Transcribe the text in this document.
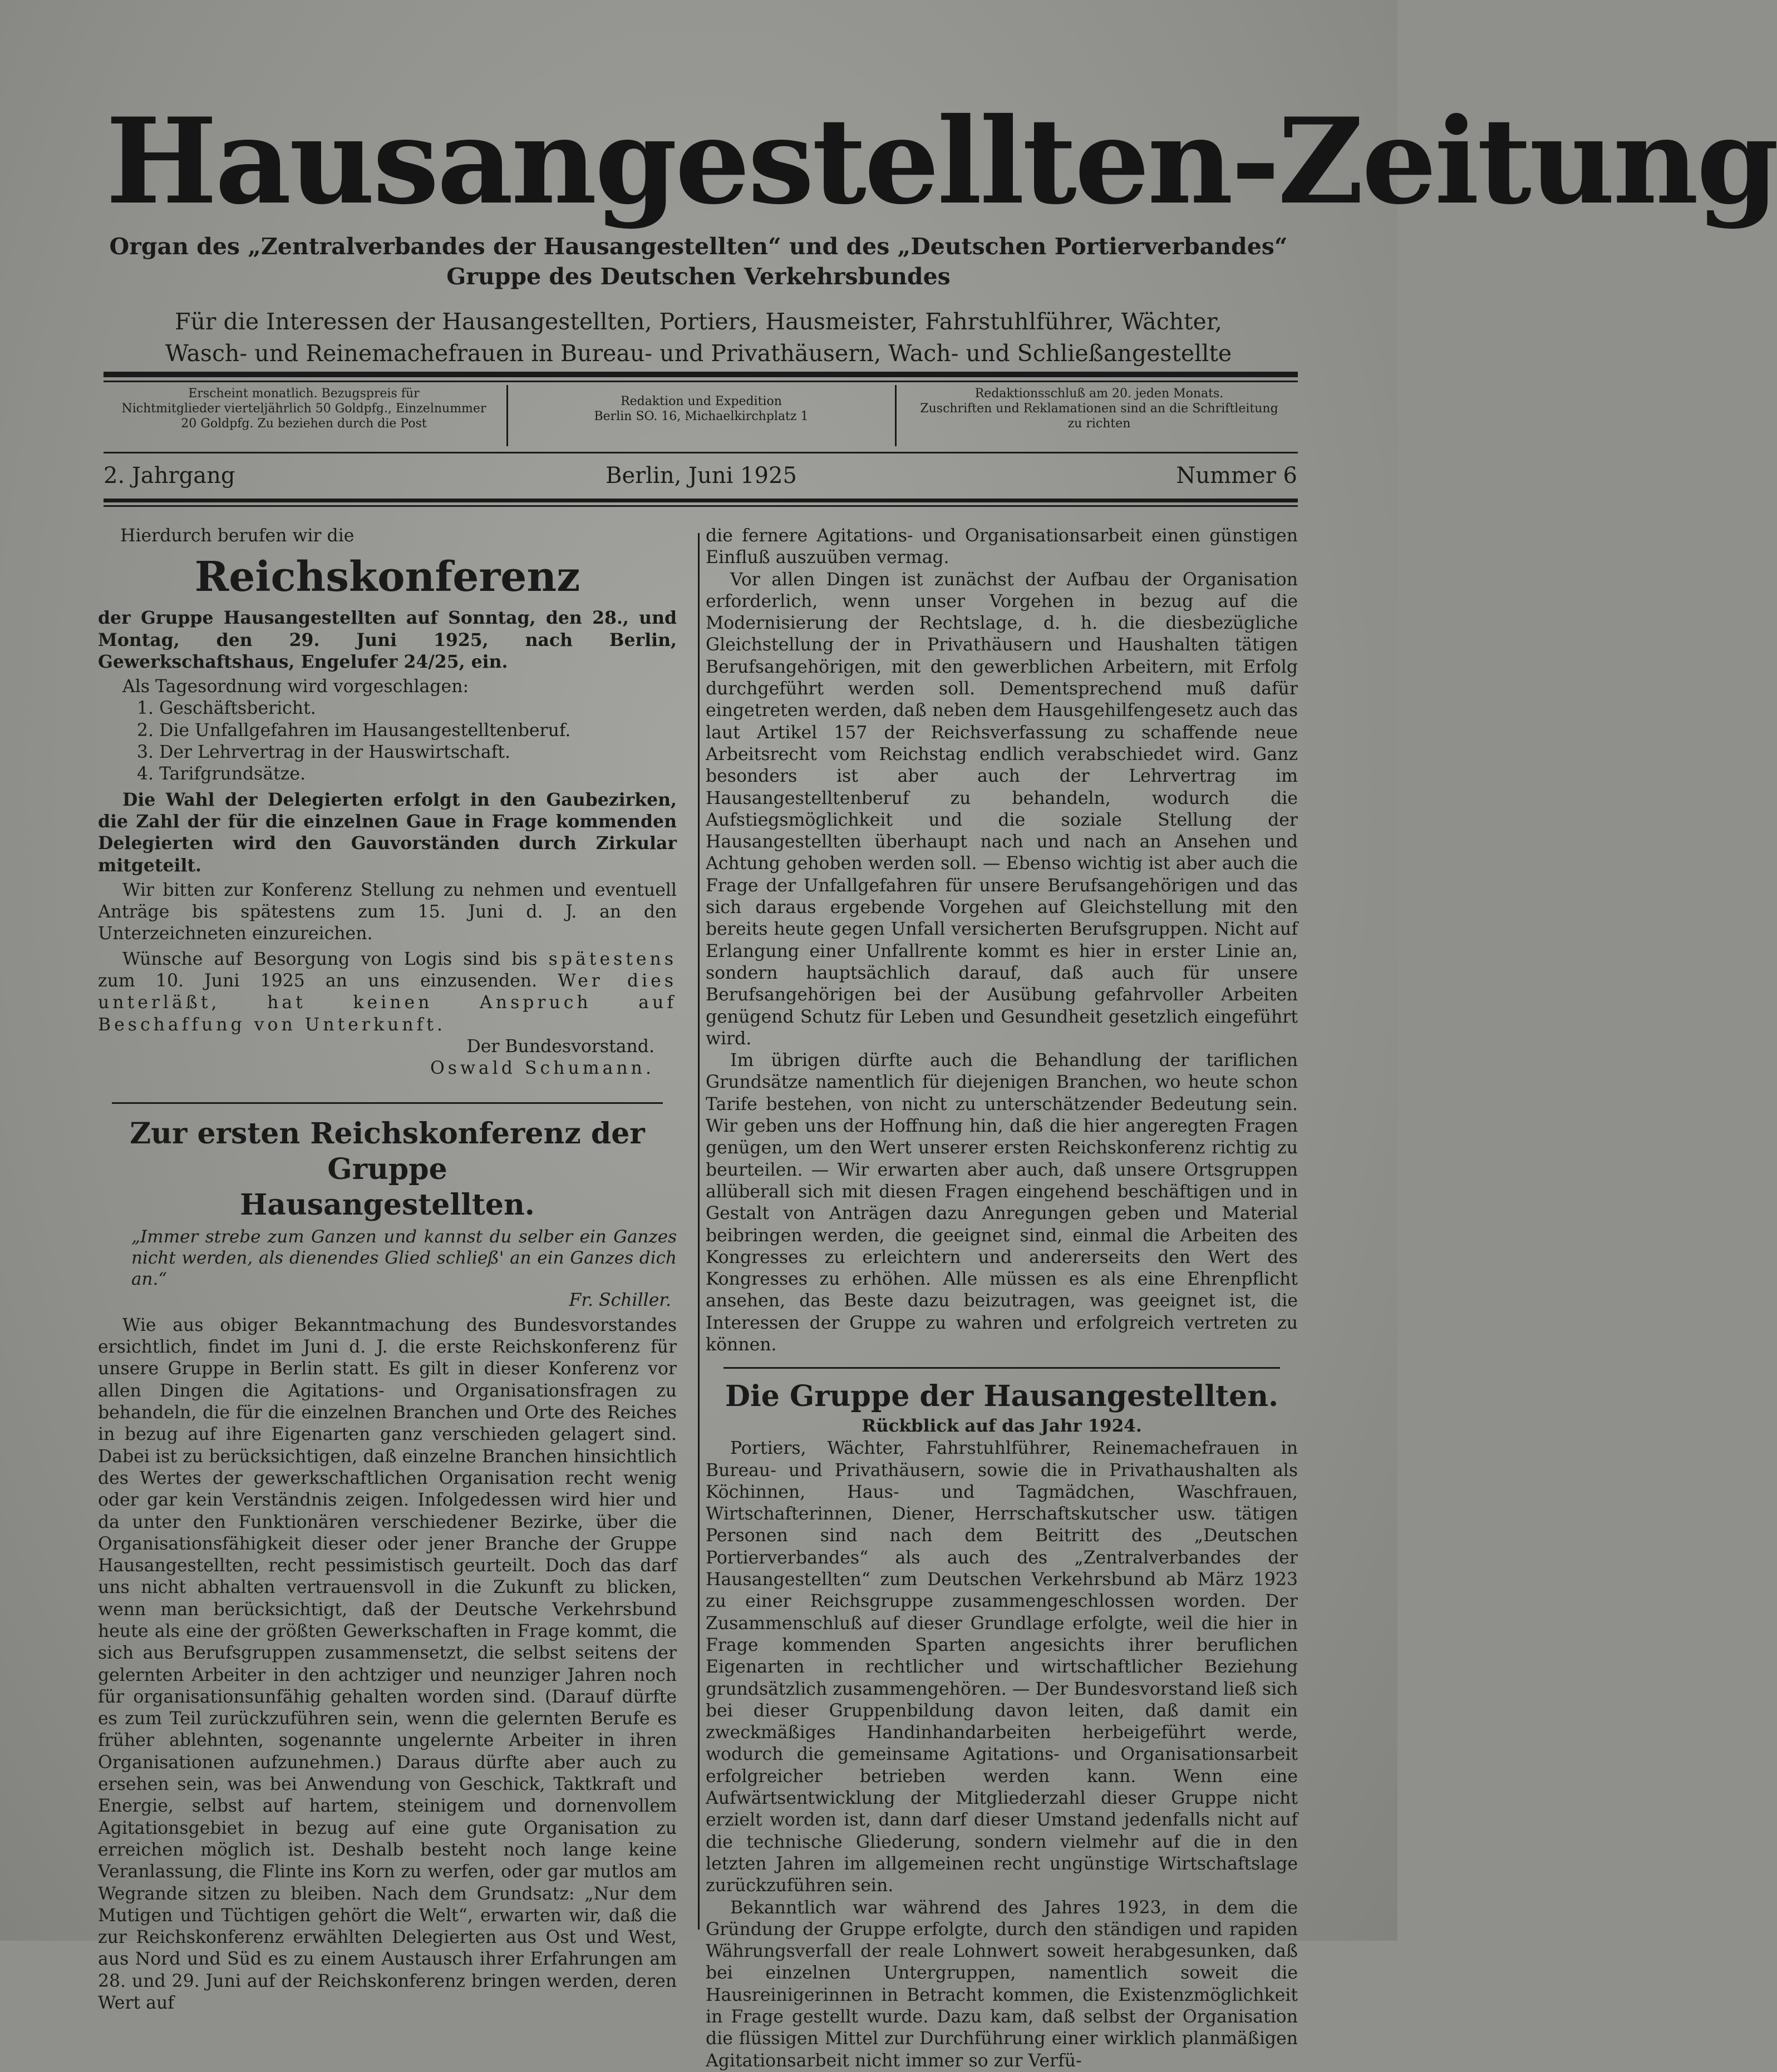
Hausangestellten-Zeitung
Organ des „Zentralverbandes der Hausangestellten“ und des „Deutschen Portierverbandes“
Gruppe des Deutschen Verkehrsbundes
Für die Interessen der Hausangestellten, Portiers, Hausmeister, Fahrstuhlführer, Wächter,
Wasch- und Reinemachefrauen in Bureau- und Privathäusern, Wach- und Schließangestellte
Erscheint monatlich. Bezugspreis für
Nichtmitglieder vierteljährlich 50 Goldpfg., Einzelnummer
20 Goldpfg. Zu beziehen durch die Post
Redaktion und Expedition
Berlin SO. 16, Michaelkirchplatz 1
Redaktionsschluß am 20. jeden Monats.
Zuschriften und Reklamationen sind an die Schriftleitung
zu richten
2. Jahrgang	Berlin, Juni 1925	Nummer 6

Hierdurch berufen wir die

Reichskonferenz

der Gruppe Hausangestellten auf Sonntag, den 28., und Montag, den 29. Juni 1925, nach Berlin, Gewerkschaftshaus, Engelufer 24/25, ein.

Als Tagesordnung wird vorgeschlagen:

1. Geschäftsbericht.
2. Die Unfallgefahren im Hausangestelltenberuf.
3. Der Lehrvertrag in der Hauswirtschaft.
4. Tarifgrundsätze.

Die Wahl der Delegierten erfolgt in den Gaubezirken, die Zahl der für die einzelnen Gaue in Frage kommenden Delegierten wird den Gauvorständen durch Zirkular mitgeteilt.

Wir bitten zur Konferenz Stellung zu nehmen und eventuell Anträge bis spätestens zum 15. Juni d. J. an den Unterzeichneten einzureichen.

Wünsche auf Besorgung von Logis sind bis spätestens zum 10. Juni 1925 an uns einzusenden. Wer dies unterläßt, hat keinen Anspruch auf Beschaffung von Unterkunft.

Der Bundesvorstand.
Oswald Schumann.
Zur ersten Reichskonferenz der Gruppe
Hausangestellten.
„Immer strebe zum Ganzen und kannst du selber ein Ganzes nicht werden, als dienendes Glied schließ' an ein Ganzes dich an.“
Fr. Schiller.

Wie aus obiger Bekanntmachung des Bundesvorstandes ersichtlich, findet im Juni d. J. die erste Reichskonferenz für unsere Gruppe in Berlin statt. Es gilt in dieser Konferenz vor allen Dingen die Agitations- und Organisationsfragen zu behandeln, die für die einzelnen Branchen und Orte des Reiches in bezug auf ihre Eigenarten ganz verschieden gelagert sind. Dabei ist zu berücksichtigen, daß einzelne Branchen hinsichtlich des Wertes der gewerkschaftlichen Organisation recht wenig oder gar kein Verständnis zeigen. Infolgedessen wird hier und da unter den Funktionären verschiedener Bezirke, über die Organisationsfähigkeit dieser oder jener Branche der Gruppe Hausangestellten, recht pessimistisch geurteilt. Doch das darf uns nicht abhalten vertrauensvoll in die Zukunft zu blicken, wenn man berücksichtigt, daß der Deutsche Verkehrsbund heute als eine der größten Gewerkschaften in Frage kommt, die sich aus Berufsgruppen zusammensetzt, die selbst seitens der gelernten Arbeiter in den achtziger und neunziger Jahren noch für organisationsunfähig gehalten worden sind. (Darauf dürfte es zum Teil zurückzuführen sein, wenn die gelernten Berufe es früher ablehnten, sogenannte ungelernte Arbeiter in ihren Organisationen aufzunehmen.) Daraus dürfte aber auch zu ersehen sein, was bei Anwendung von Geschick, Taktkraft und Energie, selbst auf hartem, steinigem und dornenvollem Agitationsgebiet in bezug auf eine gute Organisation zu erreichen möglich ist. Deshalb besteht noch lange keine Veranlassung, die Flinte ins Korn zu werfen, oder gar mutlos am Wegrande sitzen zu bleiben. Nach dem Grundsatz: „Nur dem Mutigen und Tüchtigen gehört die Welt“, erwarten wir, daß die zur Reichskonferenz erwählten Delegierten aus Ost und West, aus Nord und Süd es zu einem Austausch ihrer Erfahrungen am 28. und 29. Juni auf der Reichskonferenz bringen werden, deren Wert auf

die fernere Agitations- und Organisationsarbeit einen günstigen Einfluß auszuüben vermag.

Vor allen Dingen ist zunächst der Aufbau der Organisation erforderlich, wenn unser Vorgehen in bezug auf die Modernisierung der Rechtslage, d. h. die diesbezügliche Gleichstellung der in Privathäusern und Haushalten tätigen Berufsangehörigen, mit den gewerblichen Arbeitern, mit Erfolg durchgeführt werden soll. Dementsprechend muß dafür eingetreten werden, daß neben dem Hausgehilfengesetz auch das laut Artikel 157 der Reichsverfassung zu schaffende neue Arbeitsrecht vom Reichstag endlich verabschiedet wird. Ganz besonders ist aber auch der Lehrvertrag im Hausangestelltenberuf zu behandeln, wodurch die Aufstiegsmöglichkeit und die soziale Stellung der Hausangestellten überhaupt nach und nach an Ansehen und Achtung gehoben werden soll. — Ebenso wichtig ist aber auch die Frage der Unfallgefahren für unsere Berufsangehörigen und das sich daraus ergebende Vorgehen auf Gleichstellung mit den bereits heute gegen Unfall versicherten Berufsgruppen. Nicht auf Erlangung einer Unfallrente kommt es hier in erster Linie an, sondern hauptsächlich darauf, daß auch für unsere Berufsangehörigen bei der Ausübung gefahrvoller Arbeiten genügend Schutz für Leben und Gesundheit gesetzlich eingeführt wird.

Im übrigen dürfte auch die Behandlung der tariflichen Grundsätze namentlich für diejenigen Branchen, wo heute schon Tarife bestehen, von nicht zu unterschätzender Bedeutung sein. Wir geben uns der Hoffnung hin, daß die hier angeregten Fragen genügen, um den Wert unserer ersten Reichskonferenz richtig zu beurteilen. — Wir erwarten aber auch, daß unsere Ortsgruppen allüberall sich mit diesen Fragen eingehend beschäftigen und in Gestalt von Anträgen dazu Anregungen geben und Material beibringen werden, die geeignet sind, einmal die Arbeiten des Kongresses zu erleichtern und andererseits den Wert des Kongresses zu erhöhen. Alle müssen es als eine Ehrenpflicht ansehen, das Beste dazu beizutragen, was geeignet ist, die Interessen der Gruppe zu wahren und erfolgreich vertreten zu können.

Die Gruppe der Hausangestellten.
Rückblick auf das Jahr 1924.

Portiers, Wächter, Fahrstuhlführer, Reinemachefrauen in Bureau- und Privathäusern, sowie die in Privathaushalten als Köchinnen, Haus- und Tagmädchen, Waschfrauen, Wirtschafterinnen, Diener, Herrschaftskutscher usw. tätigen Personen sind nach dem Beitritt des „Deutschen Portierverbandes“ als auch des „Zentralverbandes der Hausangestellten“ zum Deutschen Verkehrsbund ab März 1923 zu einer Reichsgruppe zusammengeschlossen worden. Der Zusammenschluß auf dieser Grundlage erfolgte, weil die hier in Frage kommenden Sparten angesichts ihrer beruflichen Eigenarten in rechtlicher und wirtschaftlicher Beziehung grundsätzlich zusammengehören. — Der Bundesvorstand ließ sich bei dieser Gruppenbildung davon leiten, daß damit ein zweckmäßiges Handinhandarbeiten herbeigeführt werde, wodurch die gemeinsame Agitations- und Organisationsarbeit erfolgreicher betrieben werden kann. Wenn eine Aufwärtsentwicklung der Mitgliederzahl dieser Gruppe nicht erzielt worden ist, dann darf dieser Umstand jedenfalls nicht auf die technische Gliederung, sondern vielmehr auf die in den letzten Jahren im allgemeinen recht ungünstige Wirtschaftslage zurückzuführen sein.

Bekanntlich war während des Jahres 1923, in dem die Gründung der Gruppe erfolgte, durch den ständigen und rapiden Währungsverfall der reale Lohnwert soweit herabgesunken, daß bei einzelnen Untergruppen, namentlich soweit die Hausreinigerinnen in Betracht kommen, die Existenzmöglichkeit in Frage gestellt wurde. Dazu kam, daß selbst der Organisation die flüssigen Mittel zur Durchführung einer wirklich planmäßigen Agitationsarbeit nicht immer so zur Verfü-
